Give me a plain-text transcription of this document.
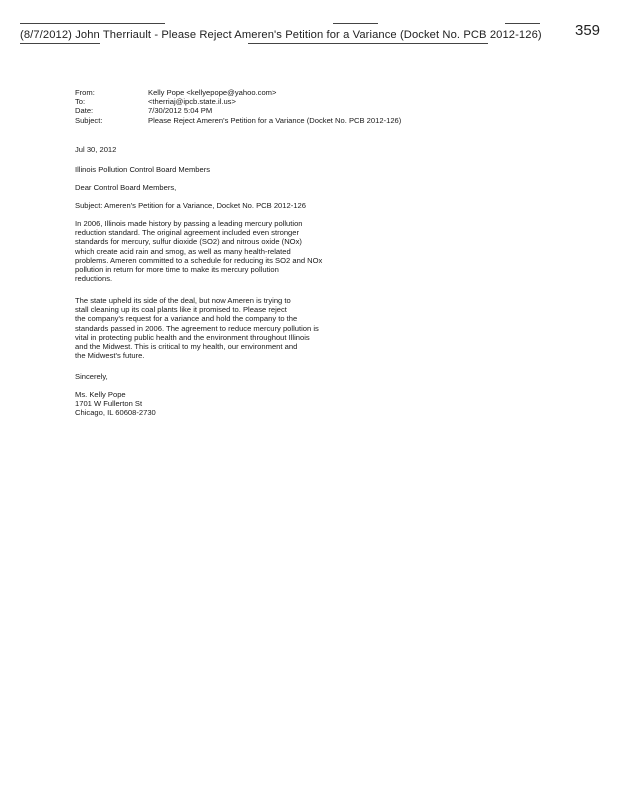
(8/7/2012) John Therriault - Please Reject Ameren's Petition for a Variance (Docket No. PCB 2012-126) 359
From:	Kelly Pope <kellyepope@yahoo.com>
To:	<therriaj@ipcb.state.il.us>
Date:	7/30/2012 5:04 PM
Subject:	Please Reject Ameren's Petition for a Variance (Docket No. PCB 2012-126)
Jul 30, 2012
Illinois Pollution Control Board Members
Dear Control Board Members,
Subject: Ameren's Petition for a Variance, Docket No. PCB 2012-126
In 2006, Illinois made history by passing a leading mercury pollution
reduction standard. The original agreement included even stronger
standards for mercury, sulfur dioxide (SO2) and nitrous oxide (NOx)
which create acid rain and smog, as well as many health-related
problems. Ameren committed to a schedule for reducing its SO2 and NOx
pollution in return for more time to make its mercury pollution
reductions.
The state upheld its side of the deal, but now Ameren is trying to
stall cleaning up its coal plants like it promised to. Please reject
the company's request for a variance and hold the company to the
standards passed in 2006. The agreement to reduce mercury pollution is
vital in protecting public health and the environment throughout Illinois
and the Midwest. This is critical to my health, our environment and
the Midwest's future.
Sincerely,
Ms. Kelly Pope
1701 W Fullerton St
Chicago, IL 60608-2730
